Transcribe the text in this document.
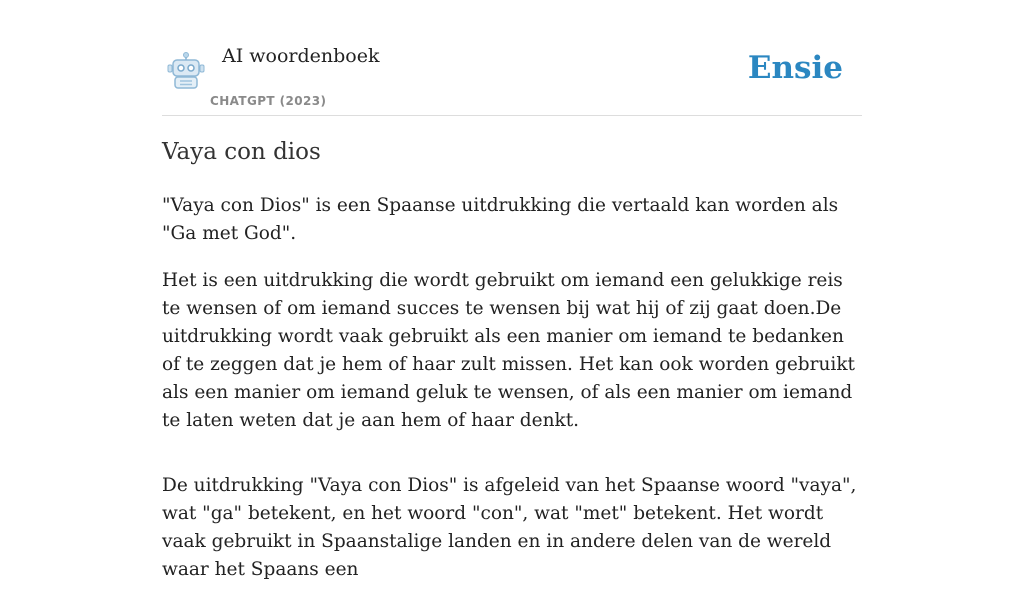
AI woordenboek
CHATGPT (2023)
Ensie
Vaya con dios

"Vaya con Dios" is een Spaanse uitdrukking die vertaald kan worden als "Ga met God".

Het is een uitdrukking die wordt gebruikt om iemand een gelukkige reis te wensen of om iemand succes te wensen bij wat hij of zij gaat doen.De uitdrukking wordt vaak gebruikt als een manier om iemand te bedanken of te zeggen dat je hem of haar zult missen. Het kan ook worden gebruikt als een manier om iemand geluk te wensen, of als een manier om iemand te laten weten dat je aan hem of haar denkt.

De uitdrukking "Vaya con Dios" is afgeleid van het Spaanse woord "vaya", wat "ga" betekent, en het woord "con", wat "met" betekent. Het wordt vaak gebruikt in Spaanstalige landen en in andere delen van de wereld waar het Spaans een
